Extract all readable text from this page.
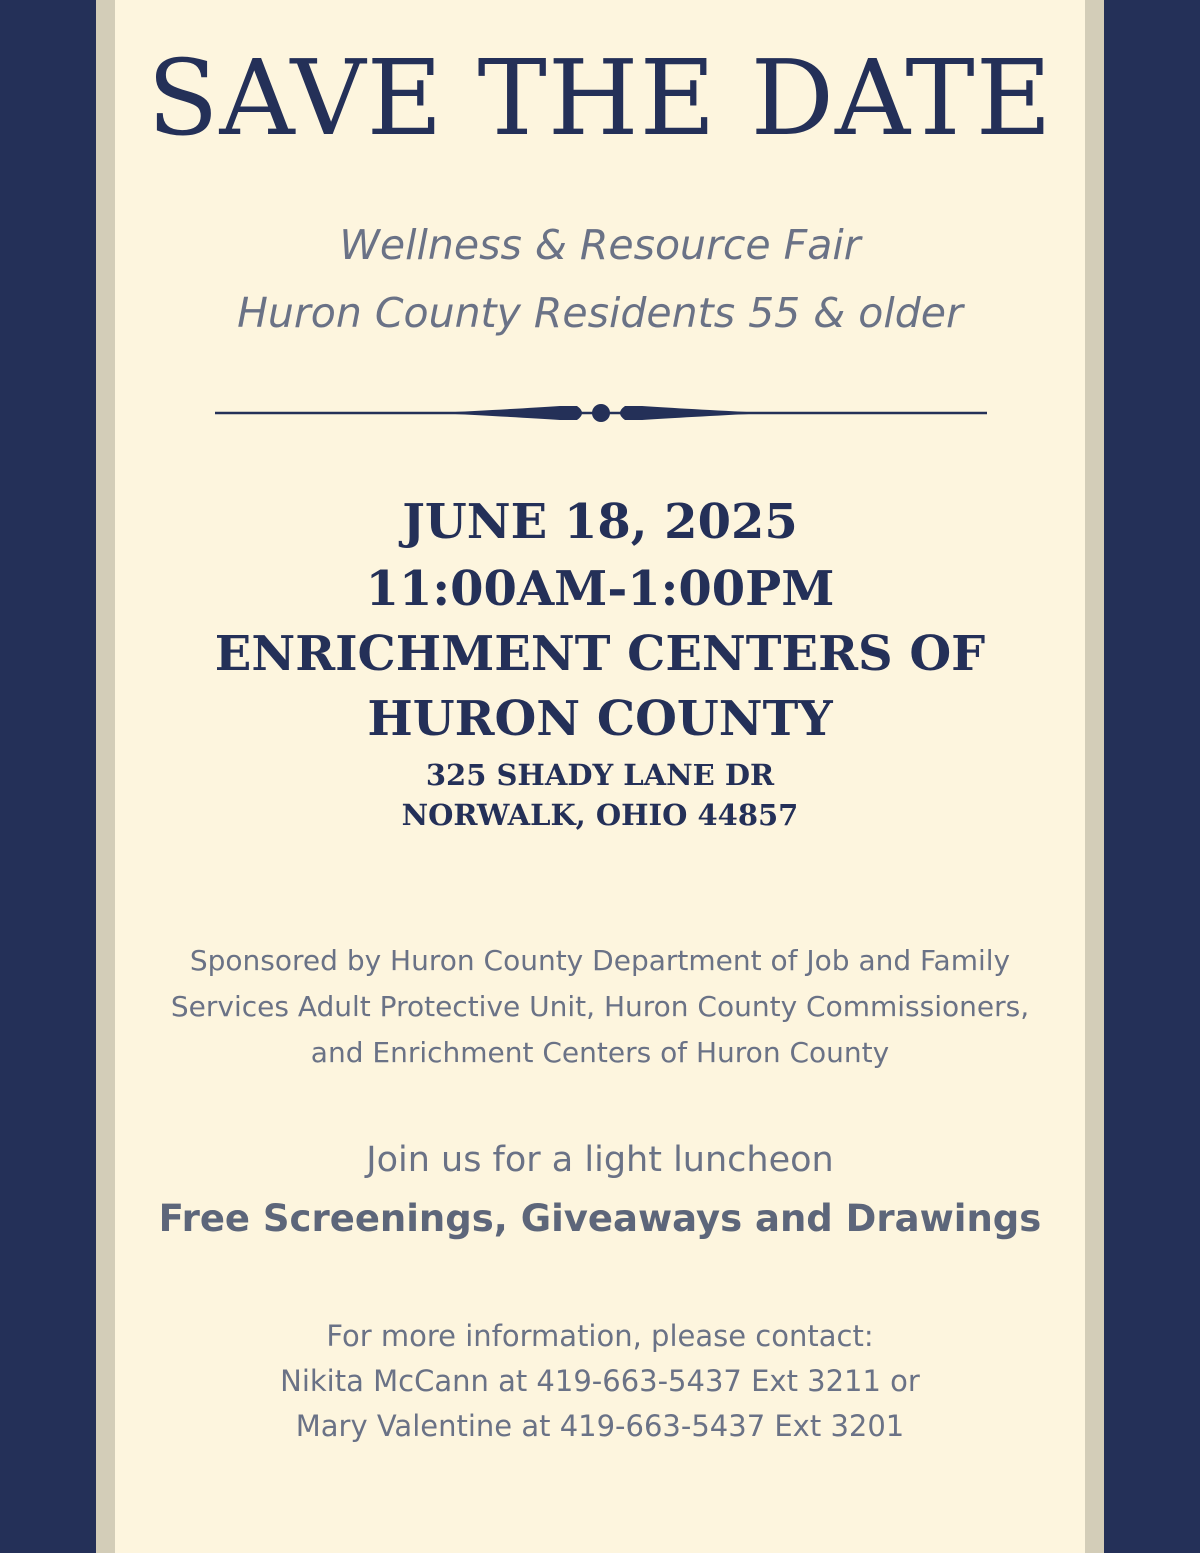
SAVE THE DATE
Wellness & Resource Fair
Huron County Residents 55 & older
JUNE 18, 2025
11:00AM-1:00PM
ENRICHMENT CENTERS OF
HURON COUNTY
325 SHADY LANE DR
NORWALK, OHIO 44857
Sponsored by Huron County Department of Job and Family
Services Adult Protective Unit, Huron County Commissioners,
and Enrichment Centers of Huron County
Join us for a light luncheon
Free Screenings, Giveaways and Drawings
For more information, please contact:
Nikita McCann at 419-663-5437 Ext 3211 or
Mary Valentine at 419-663-5437 Ext 3201
